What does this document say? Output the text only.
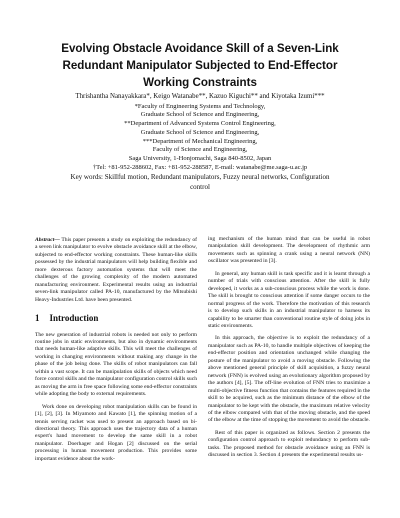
Evolving Obstacle Avoidance Skill of a Seven-Link
Redundant Manipulator Subjected to End-Effector
Working Constraints
Thrishantha Nanayakkara*, Keigo Watanabe**, Kazuo Kiguchi** and Kiyotaka Izumi***
*Faculty of Engineering Systems and Technology,
Graduate School of Science and Engineering,
**Department of Advanced Systems Control Engineering,
Graduate School of Science and Engineering,
***Department of Mechanical Engineering,
Faculty of Science and Engineering,
Saga University, 1-Honjomachi, Saga 840-8502, Japan
†Tel: +81-952-288602, Fax: +81-952-288587, E-mail: watanabe@me.saga-u.ac.jp
Key words: Skillful motion, Redundant manipulators, Fuzzy neural networks, Configuration
control

Abstract— This paper presents a study on exploiting the redundancy of a seven link manipulator to evolve obstacle avoidance skill at the elbow, subjected to end-effector working constraints. These human-like skills possessed by the industrial manipulators will help building flexible and more dexterous factory automation systems that will meet the challenges of the growing complexity of the modern automated manufacturing environment. Experimental results using an industrial seven-link manipulator called PA-10, manufactured by the Mitsubishi Heavy-Industries Ltd. have been presented.

1 Introduction

The new generation of industrial robots is needed not only to perform routine jobs in static environments, but also in dynamic environments that needs human-like adaptive skills. This will meet the challenges of working in changing environments without making any change in the phase of the job being done. The skills of robot manipulators can fall within a vast scope. It can be manipulation skills of objects which need force control skills and the manipulator configuration control skills such as moving the arm in free space following some end-effector constraints while adopting the body to external requirements.

Work done on developing robot manipulation skills can be found in [1], [2], [3]. In Miyamoto and Kawato [1], the spinning motion of a tennis serving racket was used to present an approach based on bi-directional theory. This approach uses the trajectory data of a human expert's hand movement to develop the same skill in a robot manipulator. Doerhager and Hogan [2] discussed on the serial processing in human movement production. This provides some important evidence about the work-

ing mechanism of the human mind that can be useful in robot manipulation skill development. The development of rhythmic arm movements such as spinning a crank using a neural network (NN) oscillator was presented in [3].

In general, any human skill is task specific and it is learnt through a number of trials with conscious attention. After the skill is fully developed, it works as a sub-conscious process while the work is done. The skill is brought to conscious attention if some danger occurs to the normal progress of the work. Therefore the motivation of this research is to develop such skills in an industrial manipulator to harness its capability to be smarter than conventional routine style of doing jobs in static environments.

In this approach, the objective is to exploit the redundancy of a manipulator such as PA-10, to handle multiple objectives of keeping the end-effector position and orientation unchanged while changing the posture of the manipulator to avoid a moving obstacle. Following the above mentioned general principle of skill acquisition, a fuzzy neural network (FNN) is evolved using an evolutionary algorithm proposed by the authors [4], [5]. The off-line evolution of FNN tries to maximize a multi-objective fitness function that contains the features required in the skill to be acquired, such as the minimum distance of the elbow of the manipulator to be kept with the obstacle, the maximum relative velocity of the elbow compared with that of the moving obstacle, and the speed of the elbow at the time of stopping the movement to avoid the obstacle.

Rest of this paper is organized as follows. Section 2 presents the configuration control approach to exploit redundancy to perform sub-tasks. The proposed method for obstacle avoidance using an FNN is discussed in section 3. Section 4 presents the experimental results us-
